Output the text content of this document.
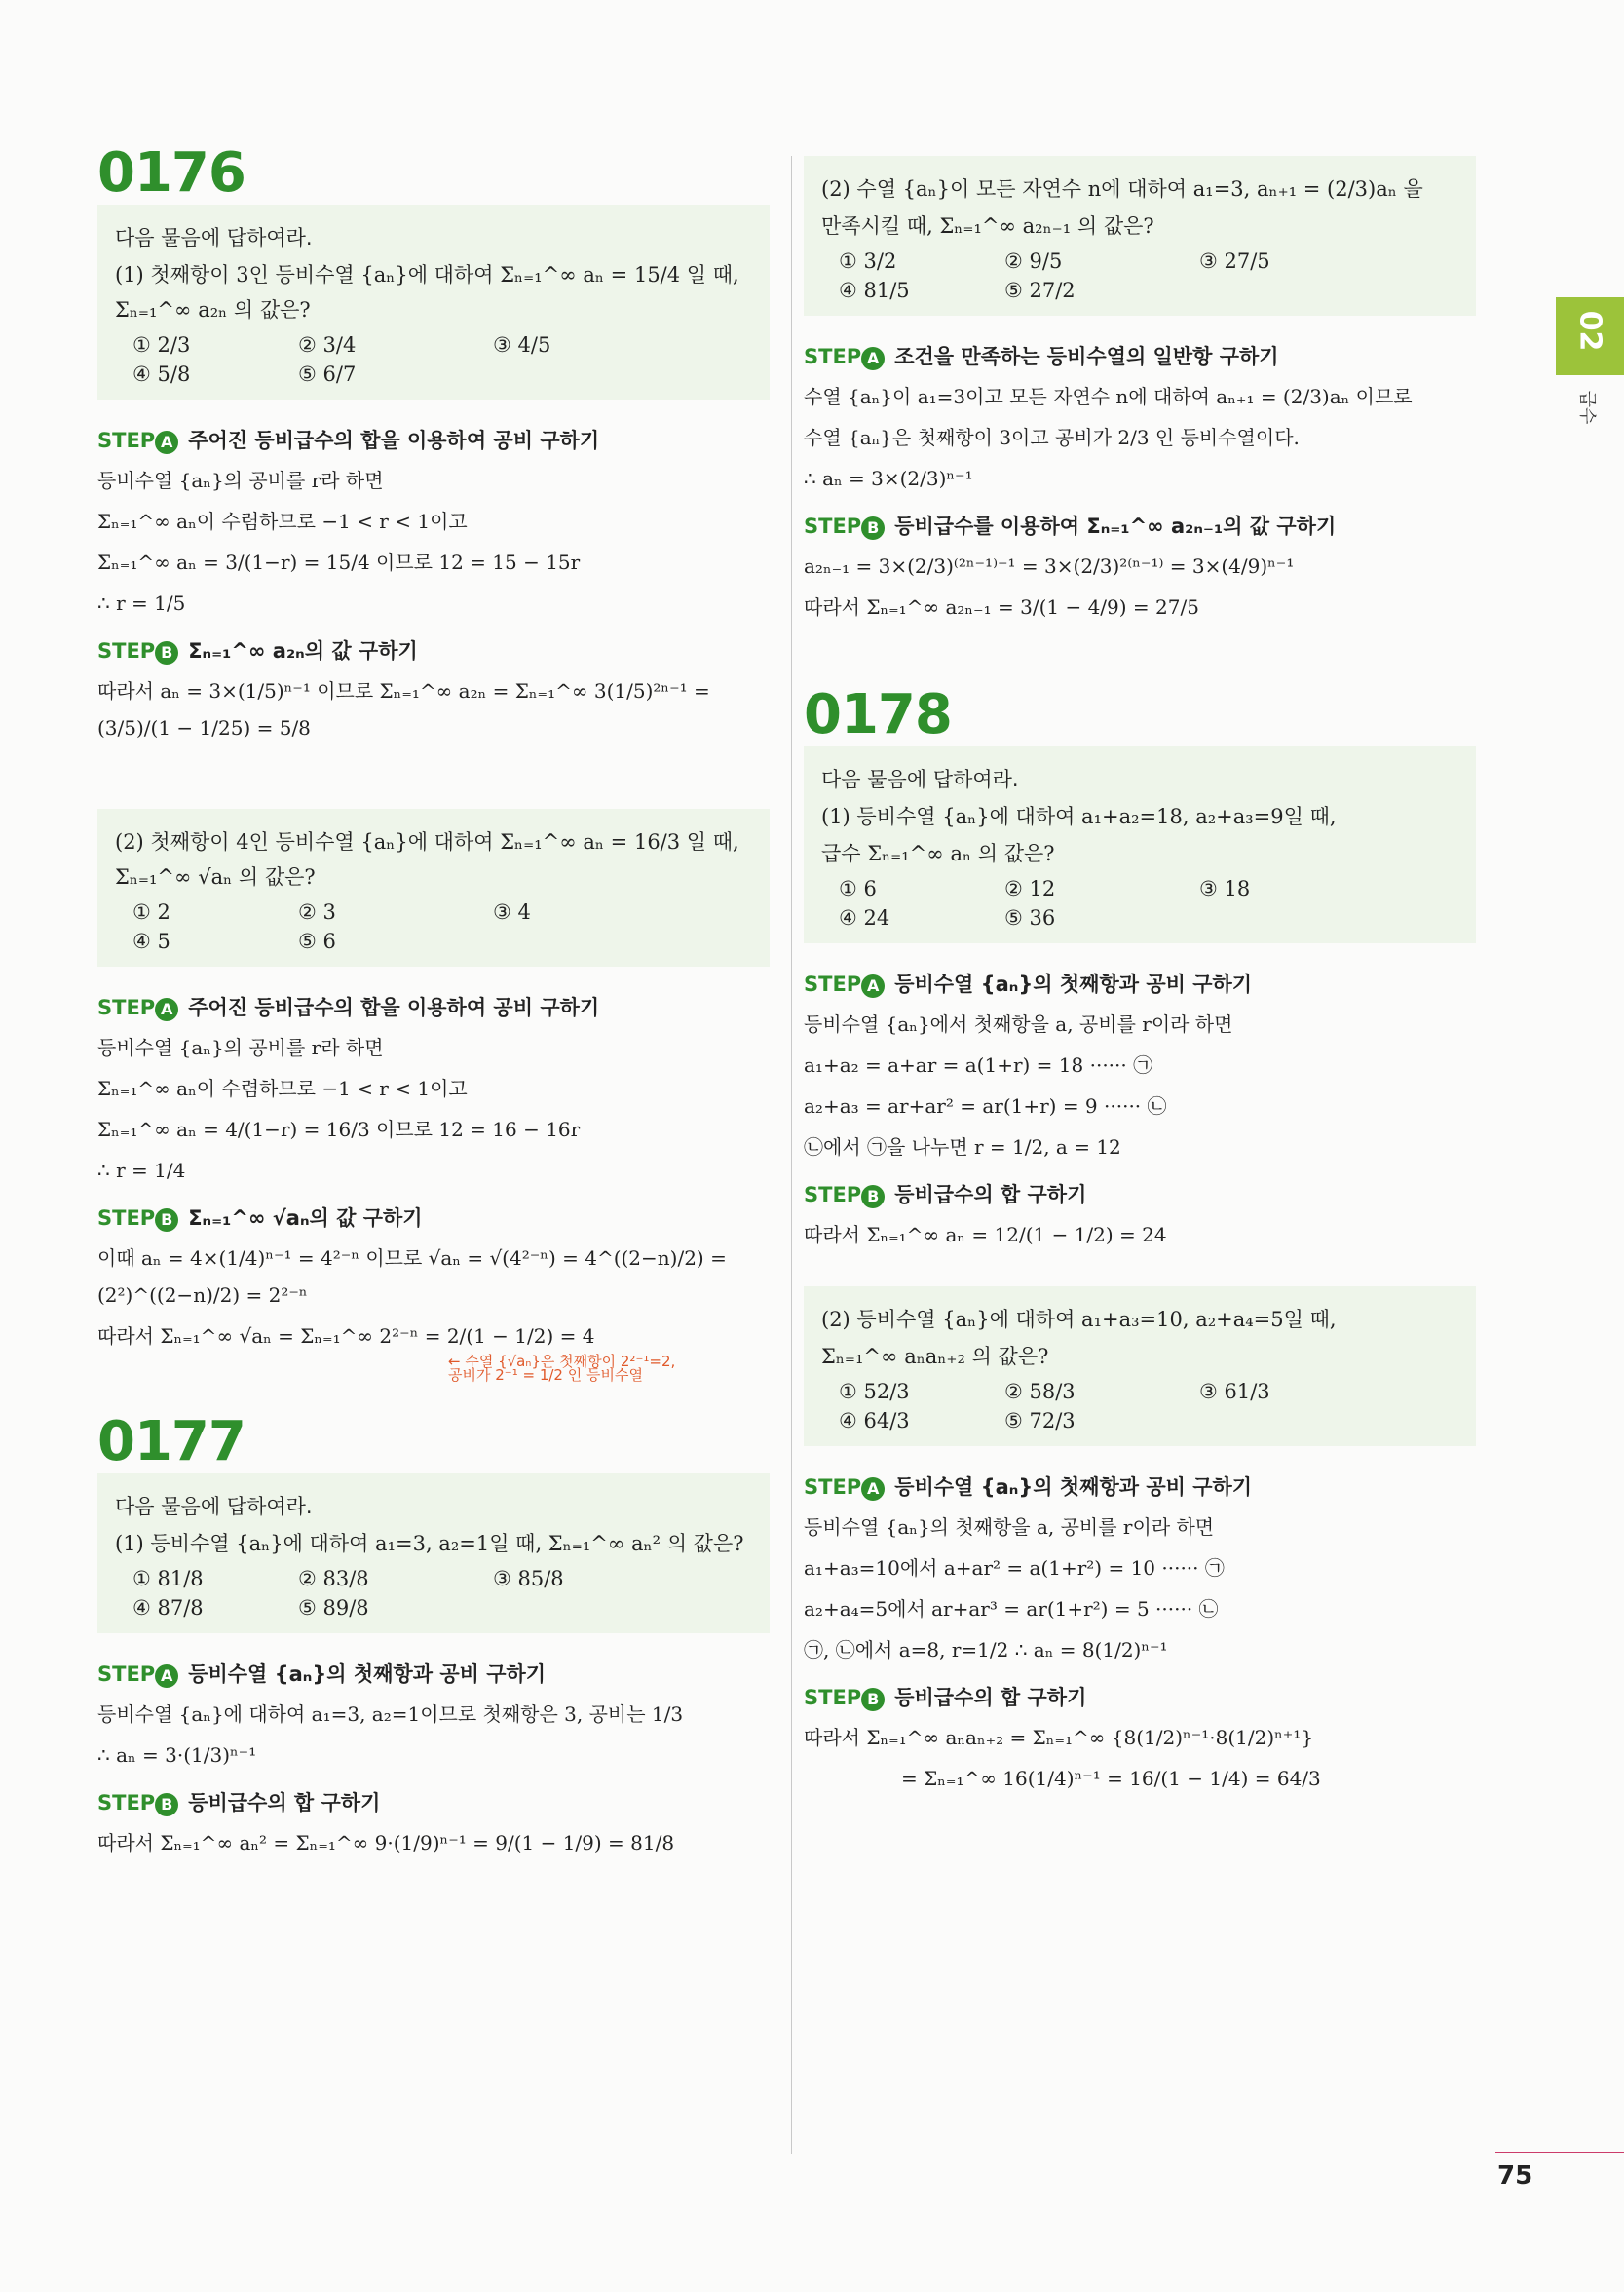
0176
다음 물음에 답하여라.
(1) 첫째항이 3인 등비수열 {aₙ}에 대하여 Σₙ₌₁^∞ aₙ = 15/4 일 때, Σₙ₌₁^∞ a₂ₙ 의 값은?
① 2/3	② 3/4	③ 4/5
④ 5/8	⑤ 6/7
STEP A 주어진 등비급수의 합을 이용하여 공비 구하기
등비수열 {aₙ}의 공비를 r라 하면
Σₙ₌₁^∞ aₙ이 수렴하므로 −1 < r < 1이고
Σₙ₌₁^∞ aₙ = 3/(1−r) = 15/4 이므로 12 = 15 − 15r
∴ r = 1/5
STEP B Σₙ₌₁^∞ a₂ₙ의 값 구하기
따라서 aₙ = 3×(1/5)ⁿ⁻¹ 이므로 Σₙ₌₁^∞ a₂ₙ = Σₙ₌₁^∞ 3(1/5)²ⁿ⁻¹ = (3/5)/(1 − 1/25) = 5/8
(2) 첫째항이 4인 등비수열 {aₙ}에 대하여 Σₙ₌₁^∞ aₙ = 16/3 일 때, Σₙ₌₁^∞ √aₙ 의 값은?
① 2	② 3	③ 4
④ 5	⑤ 6
STEP A 주어진 등비급수의 합을 이용하여 공비 구하기
등비수열 {aₙ}의 공비를 r라 하면
Σₙ₌₁^∞ aₙ이 수렴하므로 −1 < r < 1이고
Σₙ₌₁^∞ aₙ = 4/(1−r) = 16/3 이므로 12 = 16 − 16r
∴ r = 1/4
STEP B Σₙ₌₁^∞ √aₙ의 값 구하기
이때 aₙ = 4×(1/4)ⁿ⁻¹ = 4²⁻ⁿ 이므로 √aₙ = √(4²⁻ⁿ) = 4^((2−n)/2) = (2²)^((2−n)/2) = 2²⁻ⁿ
따라서 Σₙ₌₁^∞ √aₙ = Σₙ₌₁^∞ 2²⁻ⁿ = 2/(1 − 1/2) = 4
← 수열 {√aₙ}은 첫째항이 2²⁻¹=2,
공비가 2⁻¹ = 1/2 인 등비수열
0177
다음 물음에 답하여라.
(1) 등비수열 {aₙ}에 대하여 a₁=3, a₂=1일 때, Σₙ₌₁^∞ aₙ² 의 값은?
① 81/8	② 83/8	③ 85/8
④ 87/8	⑤ 89/8
STEP A 등비수열 {aₙ}의 첫째항과 공비 구하기
등비수열 {aₙ}에 대하여 a₁=3, a₂=1이므로 첫째항은 3, 공비는 1/3
∴ aₙ = 3·(1/3)ⁿ⁻¹
STEP B 등비급수의 합 구하기
따라서 Σₙ₌₁^∞ aₙ² = Σₙ₌₁^∞ 9·(1/9)ⁿ⁻¹ = 9/(1 − 1/9) = 81/8
(2) 수열 {aₙ}이 모든 자연수 n에 대하여 a₁=3, aₙ₊₁ = (2/3)aₙ 을
만족시킬 때, Σₙ₌₁^∞ a₂ₙ₋₁ 의 값은?
① 3/2	② 9/5	③ 27/5
④ 81/5	⑤ 27/2
STEP A 조건을 만족하는 등비수열의 일반항 구하기
수열 {aₙ}이 a₁=3이고 모든 자연수 n에 대하여 aₙ₊₁ = (2/3)aₙ 이므로
수열 {aₙ}은 첫째항이 3이고 공비가 2/3 인 등비수열이다.
∴ aₙ = 3×(2/3)ⁿ⁻¹
STEP B 등비급수를 이용하여 Σₙ₌₁^∞ a₂ₙ₋₁의 값 구하기
a₂ₙ₋₁ = 3×(2/3)⁽²ⁿ⁻¹⁾⁻¹ = 3×(2/3)²⁽ⁿ⁻¹⁾ = 3×(4/9)ⁿ⁻¹
따라서 Σₙ₌₁^∞ a₂ₙ₋₁ = 3/(1 − 4/9) = 27/5
0178
다음 물음에 답하여라.
(1) 등비수열 {aₙ}에 대하여 a₁+a₂=18, a₂+a₃=9일 때,
급수 Σₙ₌₁^∞ aₙ 의 값은?
① 6	② 12	③ 18
④ 24	⑤ 36
STEP A 등비수열 {aₙ}의 첫째항과 공비 구하기
등비수열 {aₙ}에서 첫째항을 a, 공비를 r이라 하면
a₁+a₂ = a+ar = a(1+r) = 18 ······ ㉠
a₂+a₃ = ar+ar² = ar(1+r) = 9 ······ ㉡
㉡에서 ㉠을 나누면 r = 1/2, a = 12
STEP B 등비급수의 합 구하기
따라서 Σₙ₌₁^∞ aₙ = 12/(1 − 1/2) = 24
(2) 등비수열 {aₙ}에 대하여 a₁+a₃=10, a₂+a₄=5일 때,
Σₙ₌₁^∞ aₙaₙ₊₂ 의 값은?
① 52/3	② 58/3	③ 61/3
④ 64/3	⑤ 72/3
STEP A 등비수열 {aₙ}의 첫째항과 공비 구하기
등비수열 {aₙ}의 첫째항을 a, 공비를 r이라 하면
a₁+a₃=10에서 a+ar² = a(1+r²) = 10 ······ ㉠
a₂+a₄=5에서 ar+ar³ = ar(1+r²) = 5 ······ ㉡
㉠, ㉡에서 a=8, r=1/2 ∴ aₙ = 8(1/2)ⁿ⁻¹
STEP B 등비급수의 합 구하기
따라서 Σₙ₌₁^∞ aₙaₙ₊₂ = Σₙ₌₁^∞ {8(1/2)ⁿ⁻¹·8(1/2)ⁿ⁺¹}
= Σₙ₌₁^∞ 16(1/4)ⁿ⁻¹ = 16/(1 − 1/4) = 64/3
02
급수
75
